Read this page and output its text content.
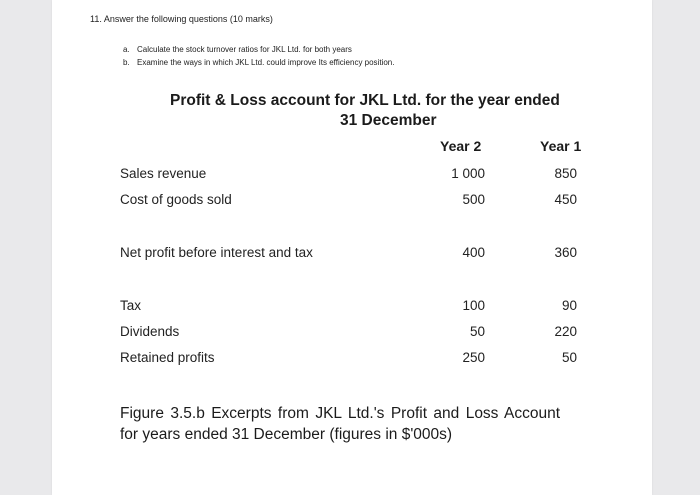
11. Answer the following questions (10 marks)
a. Calculate the stock turnover ratios for JKL Ltd. for both years
b. Examine the ways in which JKL Ltd. could improve Its efficiency position.
Profit & Loss account for JKL Ltd. for the year ended
31 December
Year 2	Year 1
Sales revenue	1 000	850
Cost of goods sold	500	450
Net profit before interest and tax	400	360
Tax	100	90
Dividends	50	220
Retained profits	250	50
Figure 3.5.b Excerpts from JKL Ltd.'s Profit and Loss Account for years ended 31 December (figures in $'000s)
